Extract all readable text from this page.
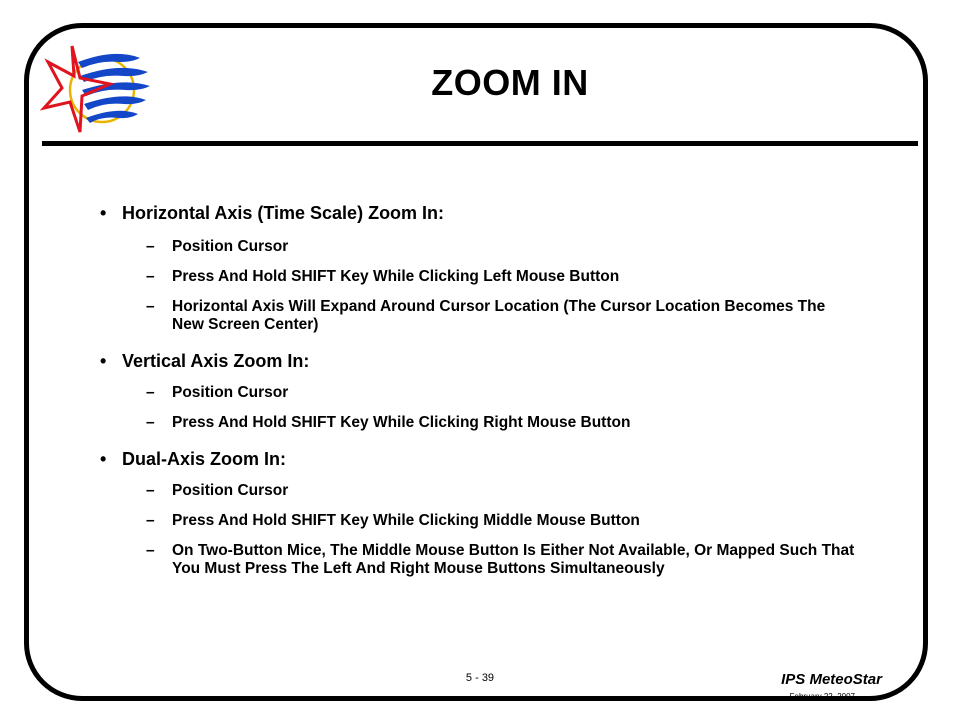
ZOOM IN
• Horizontal Axis (Time Scale) Zoom In:
– Position Cursor
– Press And Hold SHIFT Key While Clicking Left Mouse Button
– Horizontal Axis Will Expand Around Cursor Location (The Cursor Location Becomes The New Screen Center)
• Vertical Axis Zoom In:
– Position Cursor
– Press And Hold SHIFT Key While Clicking Right Mouse Button
• Dual-Axis Zoom In:
– Position Cursor
– Press And Hold SHIFT Key While Clicking Middle Mouse Button
– On Two-Button Mice, The Middle Mouse Button Is Either Not Available, Or Mapped Such That You Must Press The Left And Right Mouse Buttons Simultaneously
5 - 39	IPS MeteoStar
February 22, 2007
